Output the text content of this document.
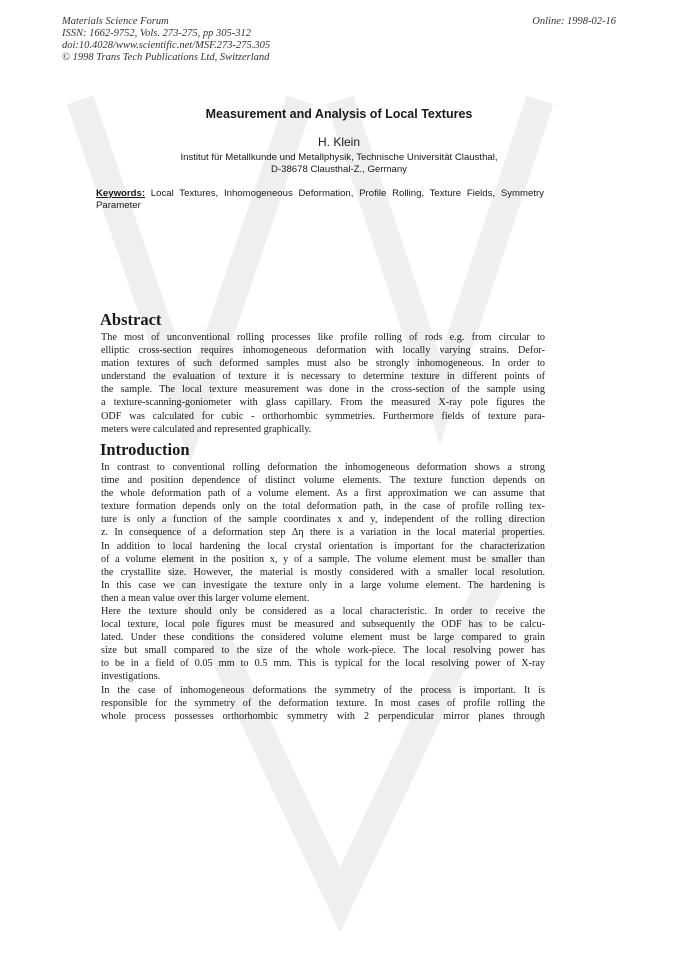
Materials Science Forum
ISSN: 1662-9752, Vols. 273-275, pp 305-312
doi:10.4028/www.scientific.net/MSF.273-275.305
© 1998 Trans Tech Publications Ltd, Switzerland
Online: 1998-02-16
Measurement and Analysis of Local Textures
H. Klein
Institut für Metallkunde und Metallphysik, Technische Universität Clausthal,
D-38678 Clausthal-Z., Germany
Keywords: Local Textures, Inhomogeneous Deformation, Profile Rolling, Texture Fields, Symmetry Parameter
Abstract
The most of unconventional rolling processes like profile rolling of rods e.g. from circular to
elliptic cross-section requires inhomogeneous deformation with locally varying strains. Defor-
mation textures of such deformed samples must also be strongly inhomogeneous. In order to
understand the evaluation of texture it is necessary to determine texture in different points of
the sample. The local texture measurement was done in the cross-section of the sample using
a texture-scanning-goniometer with glass capillary. From the measured X-ray pole figures the
ODF was calculated for cubic - orthorhombic symmetries. Furthermore fields of texture para-
meters were calculated and represented graphically.
Introduction
In contrast to conventional rolling deformation the inhomogeneous deformation shows a strong
time and position dependence of distinct volume elements. The texture function depends on
the whole deformation path of a volume element. As a first approximation we can assume that
texture formation depends only on the total deformation path, in the case of profile rolling tex-
ture is only a function of the sample coordinates x and y, independent of the rolling direction
z. In consequence of a deformation step Δη there is a variation in the local material properties.
In addition to local hardening the local crystal orientation is important for the characterization
of a volume element in the position x, y of a sample. The volume element must be smaller than
the crystallite size. However, the material is mostly considered with a smaller local resolution.
In this case we can investigate the texture only in a large volume element. The hardening is
then a mean value over this larger volume element.
Here the texture should only be considered as a local characteristic. In order to receive the
local texture, local pole figures must be measured and subsequently the ODF has to be calcu-
lated. Under these conditions the considered volume element must be large compared to grain
size but small compared to the size of the whole work-piece. The local resolving power has
to be in a field of 0.05 mm to 0.5 mm. This is typical for the local resolving power of X-ray
investigations.
In the case of inhomogeneous deformations the symmetry of the process is important. It is
responsible for the symmetry of the deformation texture. In most cases of profile rolling the
whole process possesses orthorhombic symmetry with 2 perpendicular mirror planes through
